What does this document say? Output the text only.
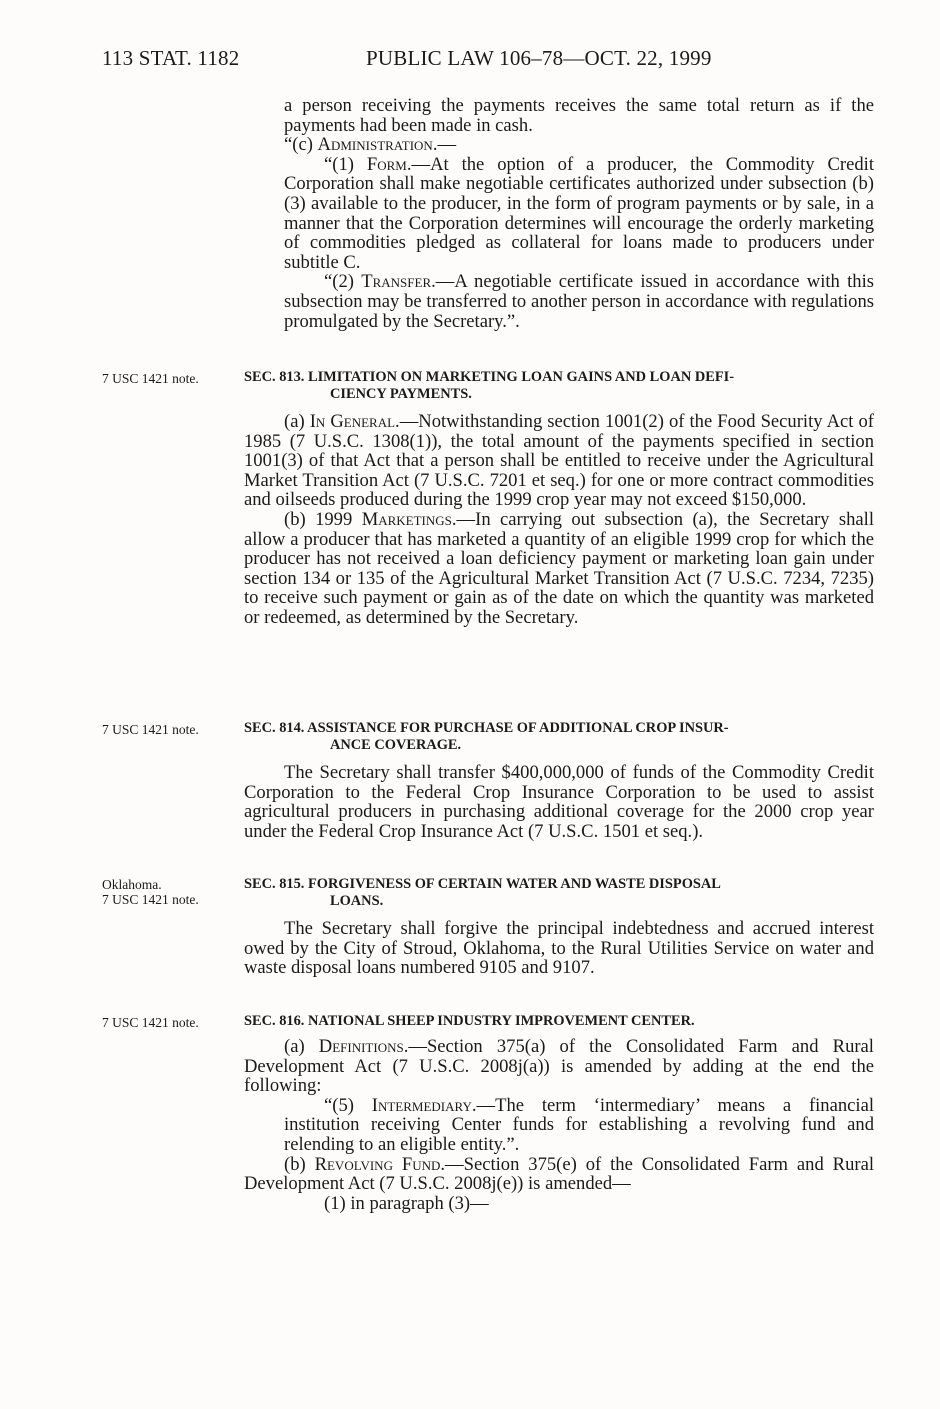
113 STAT. 1182	PUBLIC LAW 106–78—OCT. 22, 1999

a person receiving the payments receives the same total return as if the payments had been made in cash.

“(c) Administration.—

“(1) Form.—At the option of a producer, the Commodity Credit Corporation shall make negotiable certificates authorized under subsection (b)(3) available to the producer, in the form of program payments or by sale, in a manner that the Corporation determines will encourage the orderly marketing of commodities pledged as collateral for loans made to producers under subtitle C.

“(2) Transfer.—A negotiable certificate issued in accordance with this subsection may be transferred to another person in accordance with regulations promulgated by the Secretary.”.

7 USC 1421 note.	SEC. 813. LIMITATION ON MARKETING LOAN GAINS AND LOAN DEFI-
CIENCY PAYMENTS.

(a) In General.—Notwithstanding section 1001(2) of the Food Security Act of 1985 (7 U.S.C. 1308(1)), the total amount of the payments specified in section 1001(3) of that Act that a person shall be entitled to receive under the Agricultural Market Transition Act (7 U.S.C. 7201 et seq.) for one or more contract commodities and oilseeds produced during the 1999 crop year may not exceed $150,000.

(b) 1999 Marketings.—In carrying out subsection (a), the Secretary shall allow a producer that has marketed a quantity of an eligible 1999 crop for which the producer has not received a loan deficiency payment or marketing loan gain under section 134 or 135 of the Agricultural Market Transition Act (7 U.S.C. 7234, 7235) to receive such payment or gain as of the date on which the quantity was marketed or redeemed, as determined by the Secretary.

7 USC 1421 note.	SEC. 814. ASSISTANCE FOR PURCHASE OF ADDITIONAL CROP INSUR-
ANCE COVERAGE.

The Secretary shall transfer $400,000,000 of funds of the Commodity Credit Corporation to the Federal Crop Insurance Corporation to be used to assist agricultural producers in purchasing additional coverage for the 2000 crop year under the Federal Crop Insurance Act (7 U.S.C. 1501 et seq.).

Oklahoma.
7 USC 1421 note.
SEC. 815. FORGIVENESS OF CERTAIN WATER AND WASTE DISPOSAL
LOANS.

The Secretary shall forgive the principal indebtedness and accrued interest owed by the City of Stroud, Oklahoma, to the Rural Utilities Service on water and waste disposal loans numbered 9105 and 9107.

7 USC 1421 note.	SEC. 816. NATIONAL SHEEP INDUSTRY IMPROVEMENT CENTER.

(a) Definitions.—Section 375(a) of the Consolidated Farm and Rural Development Act (7 U.S.C. 2008j(a)) is amended by adding at the end the following:

“(5) Intermediary.—The term ‘intermediary’ means a financial institution receiving Center funds for establishing a revolving fund and relending to an eligible entity.”.

(b) Revolving Fund.—Section 375(e) of the Consolidated Farm and Rural Development Act (7 U.S.C. 2008j(e)) is amended—

(1) in paragraph (3)—
